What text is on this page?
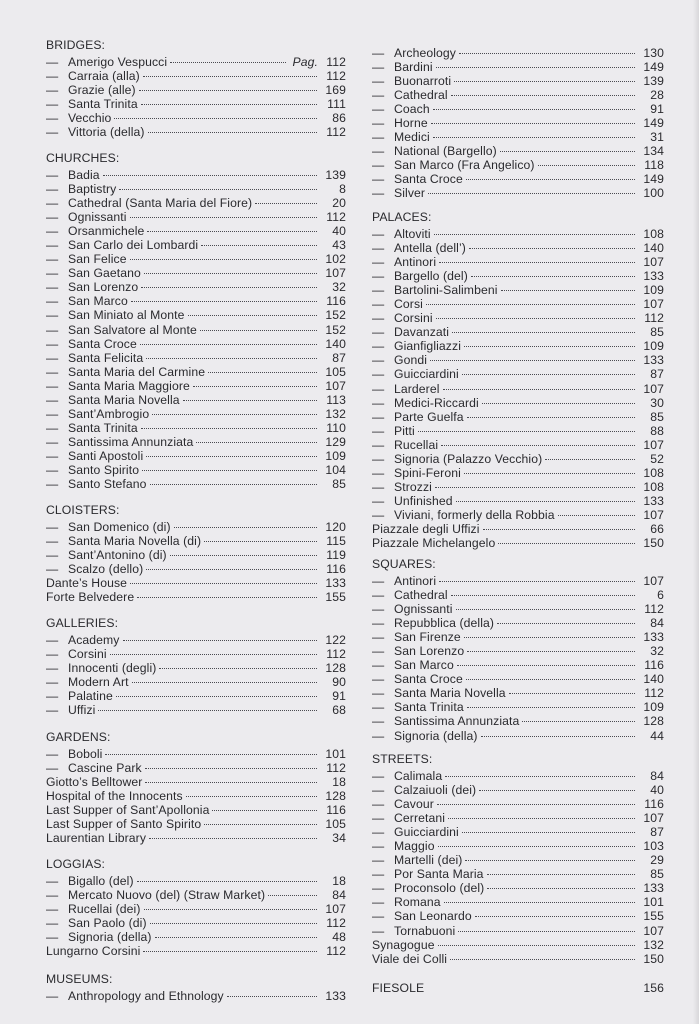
BRIDGES:
— Amerigo Vespucci	Pag. 112
— Carraia (alla)	112
— Grazie (alle)	169
— Santa Trinita	111
— Vecchio	86
— Vittoria (della)	112
CHURCHES:
— Badia	139
— Baptistry	8
— Cathedral (Santa Maria del Fiore)	20
— Ognissanti	112
— Orsanmichele	40
— San Carlo dei Lombardi	43
— San Felice	102
— San Gaetano	107
— San Lorenzo	32
— San Marco	116
— San Miniato al Monte	152
— San Salvatore al Monte	152
— Santa Croce	140
— Santa Felicita	87
— Santa Maria del Carmine	105
— Santa Maria Maggiore	107
— Santa Maria Novella	113
— Sant’Ambrogio	132
— Santa Trinita	110
— Santissima Annunziata	129
— Santi Apostoli	109
— Santo Spirito	104
— Santo Stefano	85
CLOISTERS:
— San Domenico (di)	120
— Santa Maria Novella (di)	115
— Sant’Antonino (di)	119
— Scalzo (dello)	116
Dante’s House	133
Forte Belvedere	155
GALLERIES:
— Academy	122
— Corsini	112
— Innocenti (degli)	128
— Modern Art	90
— Palatine	91
— Uffizi	68
GARDENS:
— Boboli	101
— Cascine Park	112
Giotto’s Belltower	18
Hospital of the Innocents	128
Last Supper of Sant’Apollonia	116
Last Supper of Santo Spirito	105
Laurentian Library	34
LOGGIAS:
— Bigallo (del)	18
— Mercato Nuovo (del) (Straw Market)	84
— Rucellai (dei)	107
— San Paolo (di)	112
— Signoria (della)	48
Lungarno Corsini	112
MUSEUMS:
— Anthropology and Ethnology	133
— Archeology	130
— Bardini	149
— Buonarroti	139
— Cathedral	28
— Coach	91
— Horne	149
— Medici	31
— National (Bargello)	134
— San Marco (Fra Angelico)	118
— Santa Croce	149
— Silver	100
PALACES:
— Altoviti	108
— Antella (dell’)	140
— Antinori	107
— Bargello (del)	133
— Bartolini-Salimbeni	109
— Corsi	107
— Corsini	112
— Davanzati	85
— Gianfigliazzi	109
— Gondi	133
— Guicciardini	87
— Larderel	107
— Medici-Riccardi	30
— Parte Guelfa	85
— Pitti	88
— Rucellai	107
— Signoria (Palazzo Vecchio)	52
— Spini-Feroni	108
— Strozzi	108
— Unfinished	133
— Viviani, formerly della Robbia	107
Piazzale degli Uffizi	66
Piazzale Michelangelo	150
SQUARES:
— Antinori	107
— Cathedral	6
— Ognissanti	112
— Repubblica (della)	84
— San Firenze	133
— San Lorenzo	32
— San Marco	116
— Santa Croce	140
— Santa Maria Novella	112
— Santa Trinita	109
— Santissima Annunziata	128
— Signoria (della)	44
STREETS:
— Calimala	84
— Calzaiuoli (dei)	40
— Cavour	116
— Cerretani	107
— Guicciardini	87
— Maggio	103
— Martelli (dei)	29
— Por Santa Maria	85
— Proconsolo (del)	133
— Romana	101
— San Leonardo	155
— Tornabuoni	107
Synagogue	132
Viale dei Colli	150
FIESOLE	156
